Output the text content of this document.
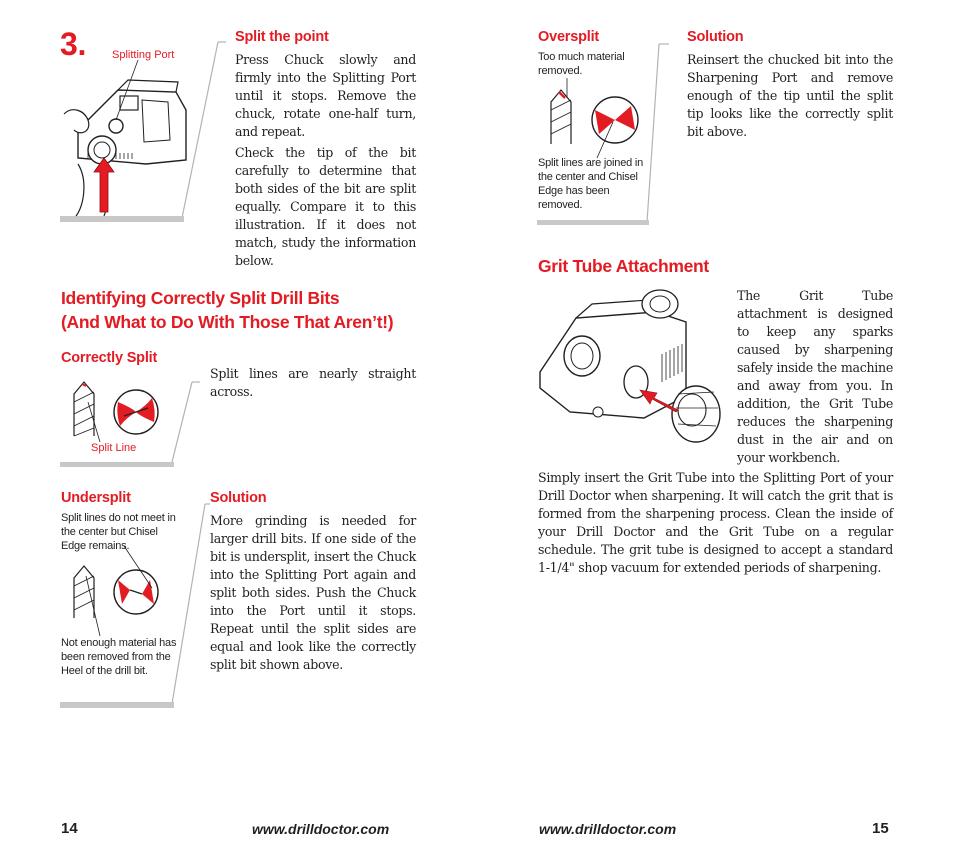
3. Splitting Port
Split the point
Press Chuck slowly and firmly into the Splitting Port until it stops. Remove the chuck, rotate one-half turn, and repeat.
Check the tip of the bit carefully to determine that both sides of the bit are split equally. Compare it to this illustration. If it does not match, study the information below.
Identifying Correctly Split Drill Bits
(And What to Do With Those That Aren’t!)
Correctly Split
Split Line
Split lines are nearly straight across.
Undersplit
Split lines do not meet in the center but Chisel Edge remains.
Not enough material has been removed from the Heel of the drill bit.
Solution
More grinding is needed for larger drill bits. If one side of the bit is undersplit, insert the Chuck into the Splitting Port again and split both sides. Push the Chuck into the Port until it stops. Repeat until the split sides are equal and look like the correctly split bit shown above.
14	www.drilldoctor.com
Oversplit
Too much material removed.
Split lines are joined in the center and Chisel Edge has been removed.
Solution
Reinsert the chucked bit into the Sharpening Port and remove enough of the tip until the split tip looks like the correctly split bit above.
Grit Tube Attachment
The Grit Tube attachment is designed to keep any sparks caused by sharpening safely inside the machine and away from you. In addition, the Grit Tube reduces the sharpening dust in the air and on your workbench.
Simply insert the Grit Tube into the Splitting Port of your Drill Doctor when sharpening. It will catch the grit that is formed from the sharpening process. Clean the inside of your Drill Doctor and the Grit Tube on a regular schedule. The grit tube is designed to accept a standard 1-1/4" shop vacuum for extended periods of sharpening.
www.drilldoctor.com	15
